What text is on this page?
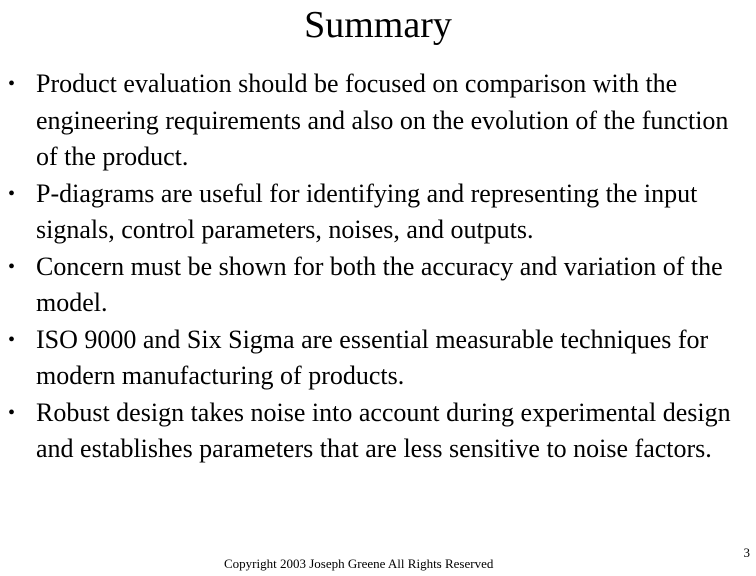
Summary
• Product evaluation should be focused on comparison with the engineering requirements and also on the evolution of the function of the product.
• P-diagrams are useful for identifying and representing the input signals, control parameters, noises, and outputs.
• Concern must be shown for both the accuracy and variation of the model.
• ISO 9000 and Six Sigma are essential measurable techniques for modern manufacturing of products.
• Robust design takes noise into account during experimental design and establishes parameters that are less sensitive to noise factors.
Copyright 2003 Joseph Greene All Rights Reserved
3
